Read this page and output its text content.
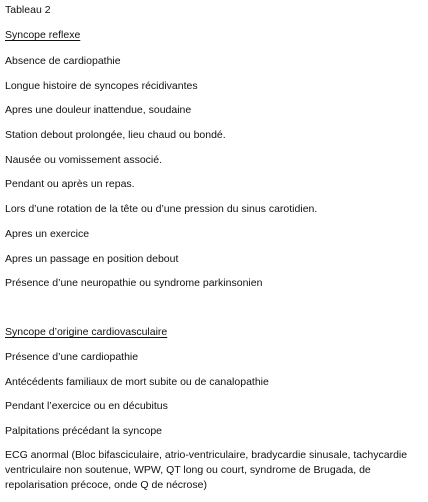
Tableau 2
Syncope reflexe
Absence de cardiopathie
Longue histoire de syncopes récidivantes
Apres une douleur inattendue, soudaine
Station debout prolongée, lieu chaud ou bondé.
Nausée ou vomissement associé.
Pendant ou après un repas.
Lors d’une rotation de la tête ou d’une pression du sinus carotidien.
Apres un exercice
Apres un passage en position debout
Présence d’une neuropathie ou syndrome parkinsonien
Syncope d’origine cardiovasculaire
Présence d’une cardiopathie
Antécédents familiaux de mort subite ou de canalopathie
Pendant l’exercice ou en décubitus
Palpitations précédant la syncope
ECG anormal (Bloc bifasciculaire, atrio-ventriculaire, bradycardie sinusale, tachycardie ventriculaire non soutenue, WPW, QT long ou court, syndrome de Brugada, de repolarisation précoce, onde Q de nécrose)
